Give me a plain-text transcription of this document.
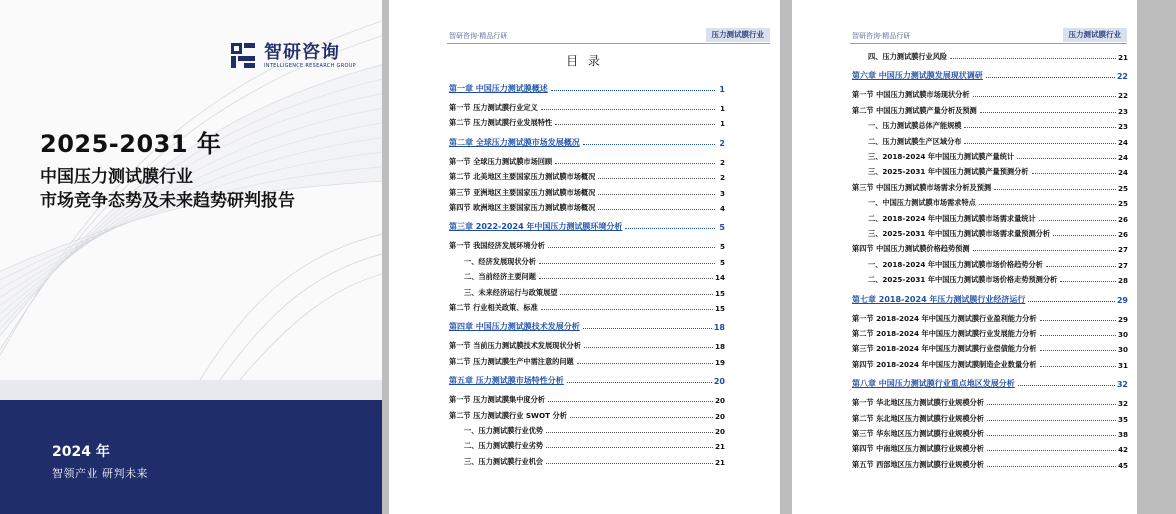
智研咨询
INTELLIGENCE RESEARCH GROUP
2025-2031 年
中国压力测试膜行业
市场竞争态势及未来趋势研判报告
2024 年
智领产业 研判未来
智研咨询·精品行研	压力测试膜行业
目 录
第一章 中国压力测试膜概述	1
第一节 压力测试膜行业定义	1
第二节 压力测试膜行业发展特性	1
第二章 全球压力测试膜市场发展概况	2
第一节 全球压力测试膜市场回顾	2
第二节 北美地区主要国家压力测试膜市场概况	2
第三节 亚洲地区主要国家压力测试膜市场概况	3
第四节 欧洲地区主要国家压力测试膜市场概况	4
第三章 2022-2024 年中国压力测试膜环境分析	5
第一节 我国经济发展环境分析	5
一、经济发展现状分析	5
二、当前经济主要问题	14
三、未来经济运行与政策展望	15
第二节 行业相关政策、标准	15
第四章 中国压力测试膜技术发展分析	18
第一节 当前压力测试膜技术发展现状分析	18
第二节 压力测试膜生产中需注意的问题	19
第五章 压力测试膜市场特性分析	20
第一节 压力测试膜集中度分析	20
第二节 压力测试膜行业 SWOT 分析	20
一、压力测试膜行业优势	20
二、压力测试膜行业劣势	21
三、压力测试膜行业机会	21
智研咨询·精品行研	压力测试膜行业
四、压力测试膜行业风险	21
第六章 中国压力测试膜发展现状调研	22
第一节 中国压力测试膜市场现状分析	22
第二节 中国压力测试膜产量分析及预测	23
一、压力测试膜总体产能规模	23
二、压力测试膜生产区域分布	24
三、2018-2024 年中国压力测试膜产量统计	24
三、2025-2031 年中国压力测试膜产量预测分析	24
第三节 中国压力测试膜市场需求分析及预测	25
一、中国压力测试膜市场需求特点	25
二、2018-2024 年中国压力测试膜市场需求量统计	26
三、2025-2031 年中国压力测试膜市场需求量预测分析	26
第四节 中国压力测试膜价格趋势预测	27
一、2018-2024 年中国压力测试膜市场价格趋势分析	27
二、2025-2031 年中国压力测试膜市场价格走势预测分析	28
第七章 2018-2024 年压力测试膜行业经济运行	29
第一节 2018-2024 年中国压力测试膜行业盈利能力分析	29
第二节 2018-2024 年中国压力测试膜行业发展能力分析	30
第三节 2018-2024 年中国压力测试膜行业偿债能力分析	30
第四节 2018-2024 年中国压力测试膜制造企业数量分析	31
第八章 中国压力测试膜行业重点地区发展分析	32
第一节 华北地区压力测试膜行业规模分析	32
第二节 东北地区压力测试膜行业规模分析	35
第三节 华东地区压力测试膜行业规模分析	38
第四节 中南地区压力测试膜行业规模分析	42
第五节 西部地区压力测试膜行业规模分析	45
